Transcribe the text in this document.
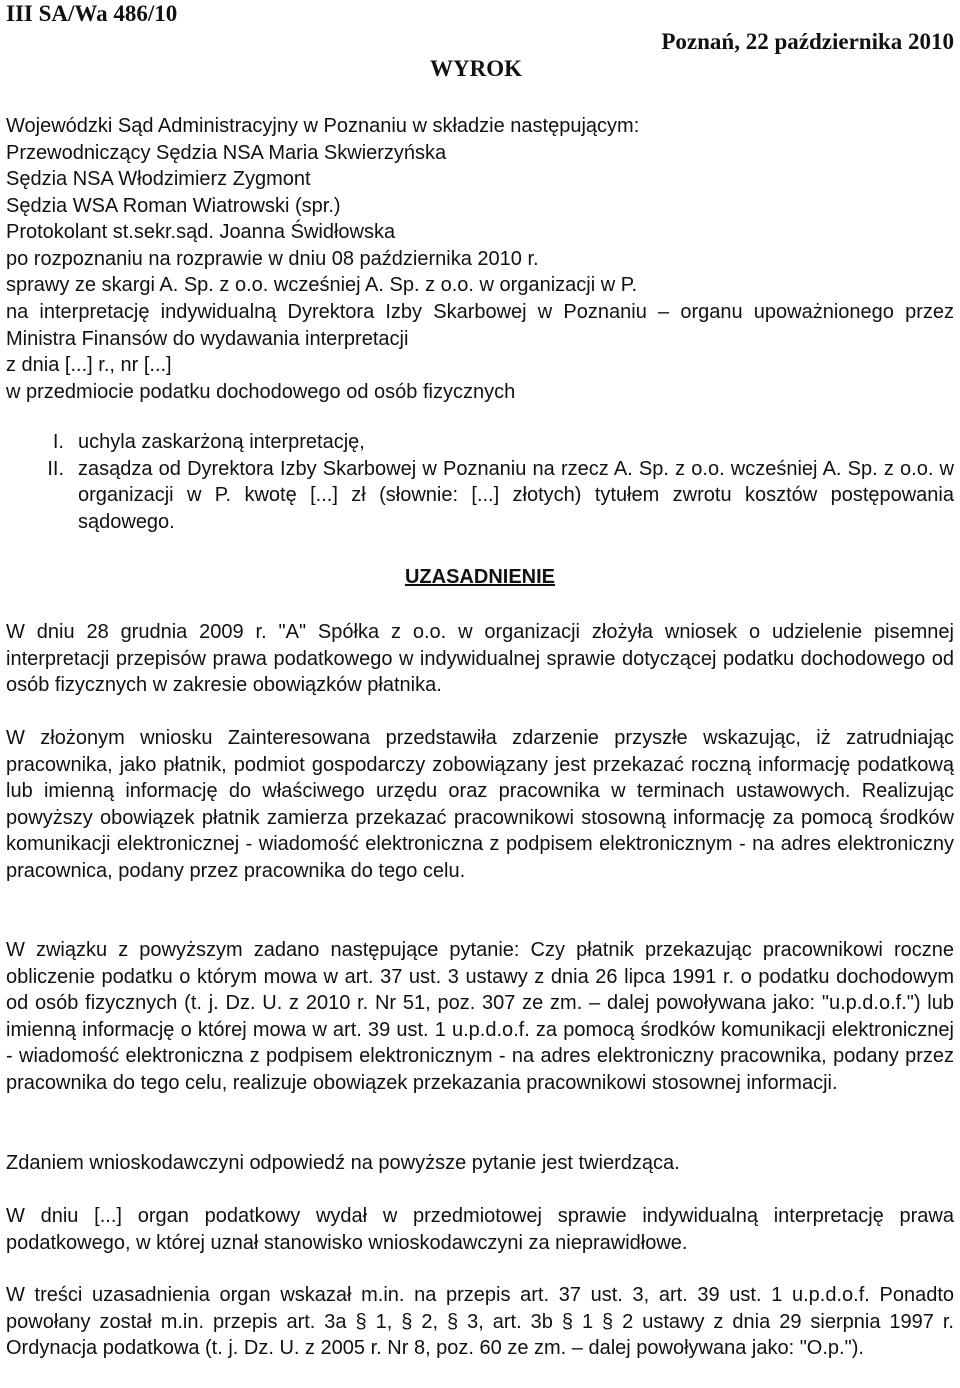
III SA/Wa 486/10
Poznań, 22 października 2010
WYROK

Wojewódzki Sąd Administracyjny w Poznaniu w składzie następującym:

Przewodniczący Sędzia NSA Maria Skwierzyńska

Sędzia NSA Włodzimierz Zygmont

Sędzia WSA Roman Wiatrowski (spr.)

Protokolant st.sekr.sąd. Joanna Świdłowska

po rozpoznaniu na rozprawie w dniu 08 października 2010 r.

sprawy ze skargi A. Sp. z o.o. wcześniej A. Sp. z o.o. w organizacji w P.

na interpretację indywidualną Dyrektora Izby Skarbowej w Poznaniu – organu upoważnionego przez Ministra Finansów do wydawania interpretacji

z dnia [...] r., nr [...]

w przedmiocie podatku dochodowego od osób fizycznych

I. uchyla zaskarżoną interpretację,
II. zasądza od Dyrektora Izby Skarbowej w Poznaniu na rzecz A. Sp. z o.o. wcześniej A. Sp. z o.o. w organizacji w P. kwotę [...] zł (słownie: [...] złotych) tytułem zwrotu kosztów postępowania sądowego.
UZASADNIENIE

W dniu 28 grudnia 2009 r. "A" Spółka z o.o. w organizacji złożyła wniosek o udzielenie pisemnej interpretacji przepisów prawa podatkowego w indywidualnej sprawie dotyczącej podatku dochodowego od osób fizycznych w zakresie obowiązków płatnika.

W złożonym wniosku Zainteresowana przedstawiła zdarzenie przyszłe wskazując, iż zatrudniając pracownika, jako płatnik, podmiot gospodarczy zobowiązany jest przekazać roczną informację podatkową lub imienną informację do właściwego urzędu oraz pracownika w terminach ustawowych. Realizując powyższy obowiązek płatnik zamierza przekazać pracownikowi stosowną informację za pomocą środków komunikacji elektronicznej - wiadomość elektroniczna z podpisem elektronicznym - na adres elektroniczny pracownica, podany przez pracownika do tego celu.

W związku z powyższym zadano następujące pytanie: Czy płatnik przekazując pracownikowi roczne obliczenie podatku o którym mowa w art. 37 ust. 3 ustawy z dnia 26 lipca 1991 r. o podatku dochodowym od osób fizycznych (t. j. Dz. U. z 2010 r. Nr 51, poz. 307 ze zm. – dalej powoływana jako: "u.p.d.o.f.") lub imienną informację o której mowa w art. 39 ust. 1 u.p.d.o.f. za pomocą środków komunikacji elektronicznej - wiadomość elektroniczna z podpisem elektronicznym - na adres elektroniczny pracownika, podany przez pracownika do tego celu, realizuje obowiązek przekazania pracownikowi stosownej informacji.

Zdaniem wnioskodawczyni odpowiedź na powyższe pytanie jest twierdząca.

W dniu [...] organ podatkowy wydał w przedmiotowej sprawie indywidualną interpretację prawa podatkowego, w której uznał stanowisko wnioskodawczyni za nieprawidłowe.

W treści uzasadnienia organ wskazał m.in. na przepis art. 37 ust. 3, art. 39 ust. 1 u.p.d.o.f. Ponadto powołany został m.in. przepis art. 3a § 1, § 2, § 3, art. 3b § 1 § 2 ustawy z dnia 29 sierpnia 1997 r. Ordynacja podatkowa (t. j. Dz. U. z 2005 r. Nr 8, poz. 60 ze zm. – dalej powoływana jako: "O.p.").
